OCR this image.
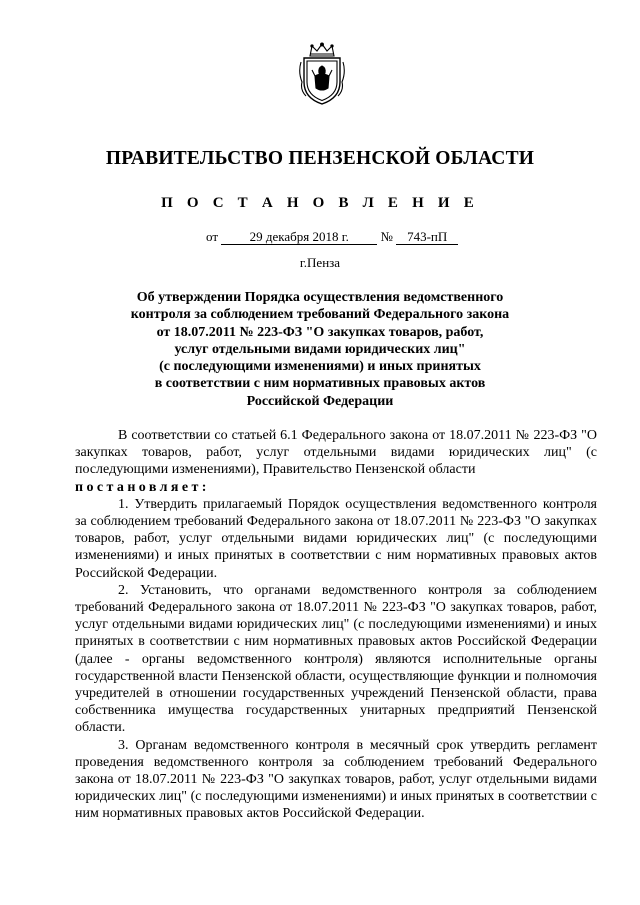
ПРАВИТЕЛЬСТВО ПЕНЗЕНСКОЙ ОБЛАСТИ
П О С Т А Н О В Л Е Н И Е
от 29 декабря 2018 г. № 743-пП
г.Пенза
Об утверждении Порядка осуществления ведомственного
контроля за соблюдением требований Федерального закона
от 18.07.2011 № 223-ФЗ "О закупках товаров, работ,
услуг отдельными видами юридических лиц"
(с последующими изменениями) и иных принятых
в соответствии с ним нормативных правовых актов
Российской Федерации

В соответствии со статьей 6.1 Федерального закона от 18.07.2011 № 223-ФЗ "О закупках товаров, работ, услуг отдельными видами юридических лиц" (с последующими изменениями), Правительство Пензенской области

постановляет:

1. Утвердить прилагаемый Порядок осуществления ведомственного контроля за соблюдением требований Федерального закона от 18.07.2011 № 223-ФЗ "О закупках товаров, работ, услуг отдельными видами юридических лиц" (с последующими изменениями) и иных принятых в соответствии с ним нормативных правовых актов Российской Федерации.

2. Установить, что органами ведомственного контроля за соблюдением требований Федерального закона от 18.07.2011 № 223-ФЗ "О закупках товаров, работ, услуг отдельными видами юридических лиц" (с последующими изменениями) и иных принятых в соответствии с ним нормативных правовых актов Российской Федерации (далее - органы ведомственного контроля) являются исполнительные органы государственной власти Пензенской области, осуществляющие функции и полномочия учредителей в отношении государственных учреждений Пензенской области, права собственника имущества государственных унитарных предприятий Пензенской области.

3. Органам ведомственного контроля в месячный срок утвердить регламент проведения ведомственного контроля за соблюдением требований Федерального закона от 18.07.2011 № 223-ФЗ "О закупках товаров, работ, услуг отдельными видами юридических лиц" (с последующими изменениями) и иных принятых в соответствии с ним нормативных правовых актов Российской Федерации.
